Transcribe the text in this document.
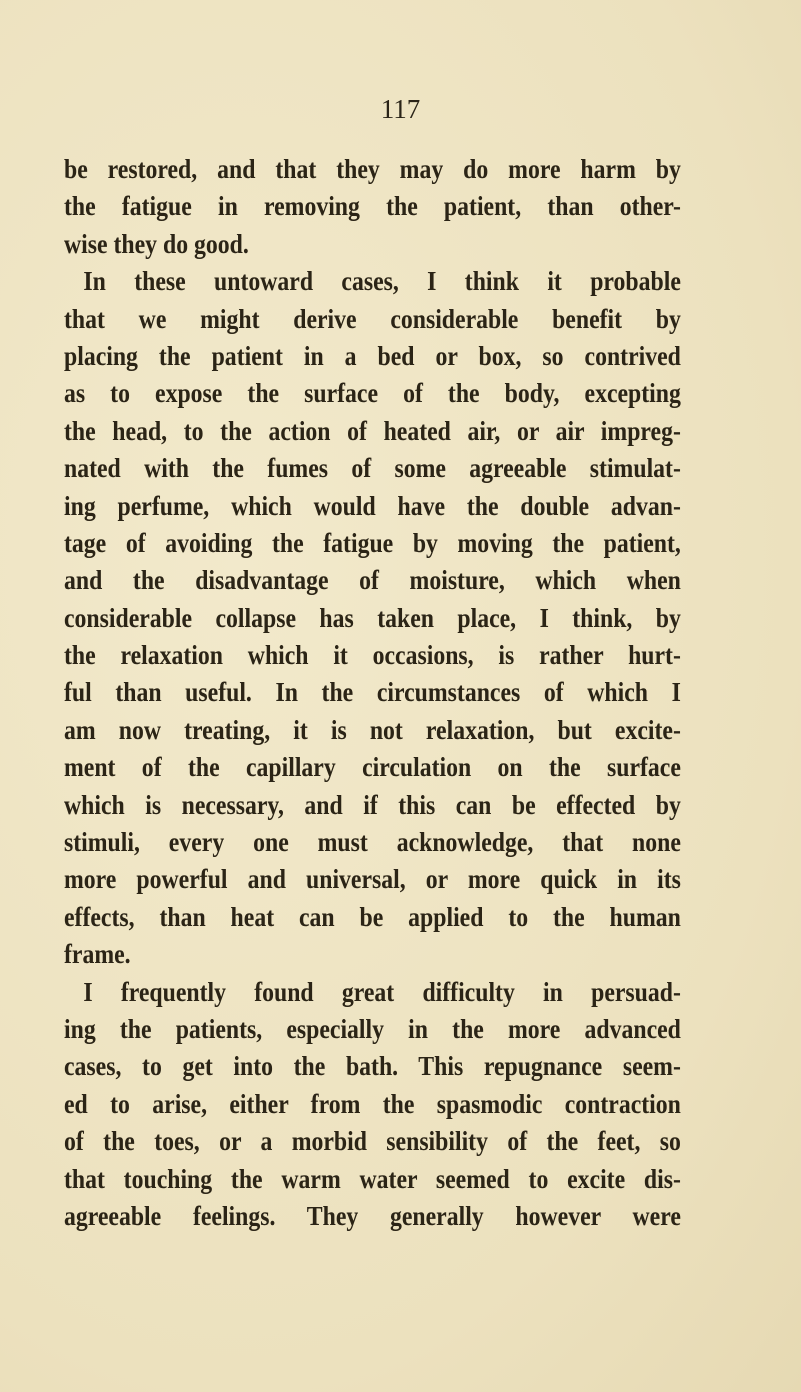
117
be restored, and that they may do more harm by
the fatigue in removing the patient, than other-
wise they do good.
In these untoward cases, I think it probable
that we might derive considerable benefit by
placing the patient in a bed or box, so contrived
as to expose the surface of the body, excepting
the head, to the action of heated air, or air impreg-
nated with the fumes of some agreeable stimulat-
ing perfume, which would have the double advan-
tage of avoiding the fatigue by moving the patient,
and the disadvantage of moisture, which when
considerable collapse has taken place, I think, by
the relaxation which it occasions, is rather hurt-
ful than useful. In the circumstances of which I
am now treating, it is not relaxation, but excite-
ment of the capillary circulation on the surface
which is necessary, and if this can be effected by
stimuli, every one must acknowledge, that none
more powerful and universal, or more quick in its
effects, than heat can be applied to the human
frame.
I frequently found great difficulty in persuad-
ing the patients, especially in the more advanced
cases, to get into the bath. This repugnance seem-
ed to arise, either from the spasmodic contraction
of the toes, or a morbid sensibility of the feet, so
that touching the warm water seemed to excite dis-
agreeable feelings. They generally however were
